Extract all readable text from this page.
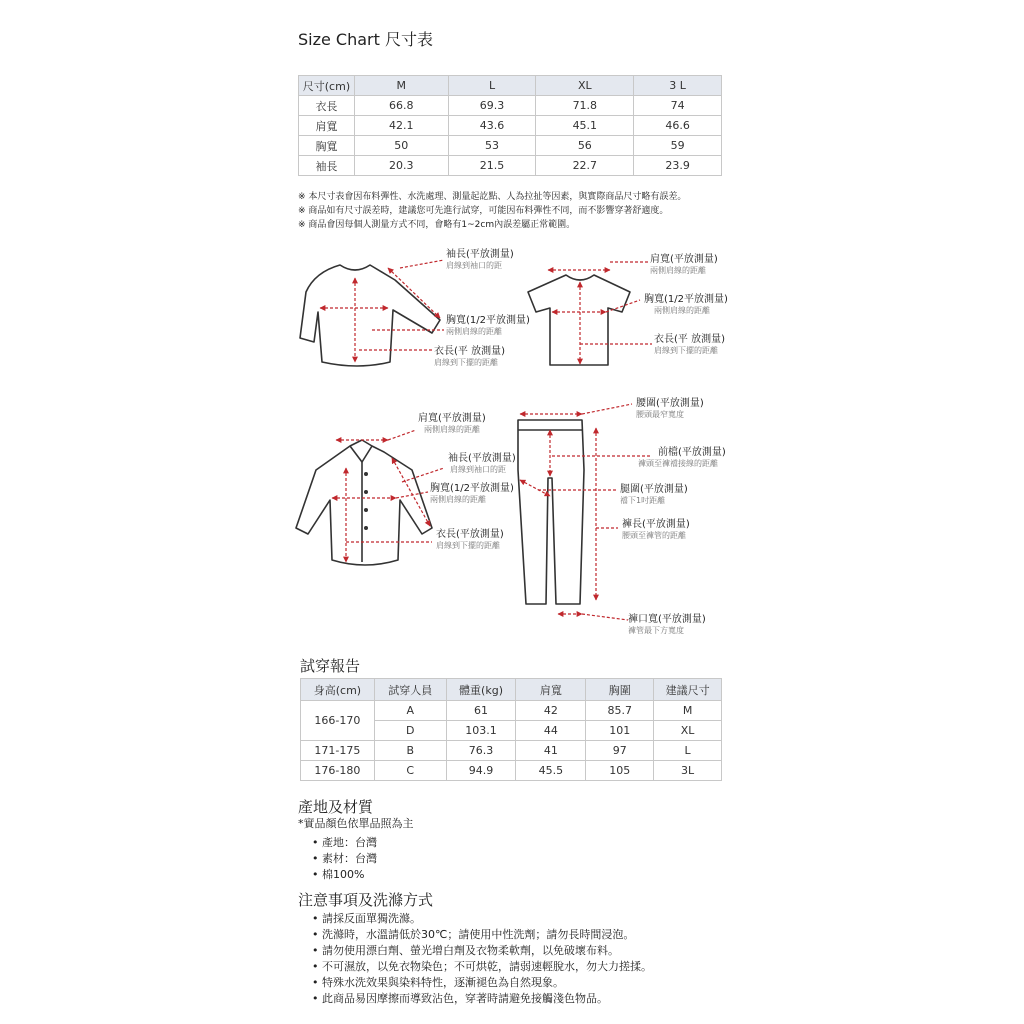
Size Chart 尺寸表
尺寸(cm)	M	L	XL	3 L
衣長	66.8	69.3	71.8	74
肩寬	42.1	43.6	45.1	46.6
胸寬	50	53	56	59
袖長	20.3	21.5	22.7	23.9
※ 本尺寸表會因布料彈性、水洗處理、測量起訖點、人為拉扯等因素，與實際商品尺寸略有誤差。
※ 商品如有尺寸誤差時，建議您可先進行試穿，可能因布料彈性不同，而不影響穿著舒適度。
※ 商品會因每個人測量方式不同，會略有1~2cm內誤差屬正常範圍。
袖長(平放測量)
肩線到袖口的距
胸寬(1/2平放測量)
兩側肩線的距離
衣長(平 放測量)
肩線到下擺的距離
肩寬(平放測量)
兩側肩線的距離
胸寬(1/2平放測量)
兩側肩線的距離
衣長(平 放測量)
肩線到下擺的距離
肩寬(平放測量)
兩側肩線的距離
袖長(平放測量)
肩線到袖口的距
胸寬(1/2平放測量)
兩側肩線的距離
衣長(平放測量)
肩線到下擺的距離
腰圍(平放測量)
腰頭最窄寬度
前檔(平放測量)
褲頭至褲襠接線的距離
腿圍(平放測量)
襠下1吋距離
褲長(平放測量)
腰頭至褲管的距離
褲口寬(平放測量)
褲管最下方寬度
試穿報告
身高(cm)	試穿人員	體重(kg)	肩寬	胸圍	建議尺寸
166-170	A	61	42	85.7	M
	D	103.1	44	101	XL
171-175	B	76.3	41	97	L
176-180	C	94.9	45.5	105	3L
產地及材質
*實品顏色依單品照為主
• 產地：台灣
• 素材：台灣
• 棉100%
注意事項及洗滌方式
• 請採反面單獨洗滌。
• 洗滌時，水溫請低於30℃；請使用中性洗劑；請勿長時間浸泡。
• 請勿使用漂白劑、螢光增白劑及衣物柔軟劑，以免破壞布料。
• 不可濕放，以免衣物染色；不可烘乾，請弱速輕脫水，勿大力搓揉。
• 特殊水洗效果與染料特性，逐漸褪色為自然現象。
• 此商品易因摩擦而導致沾色，穿著時請避免接觸淺色物品。
